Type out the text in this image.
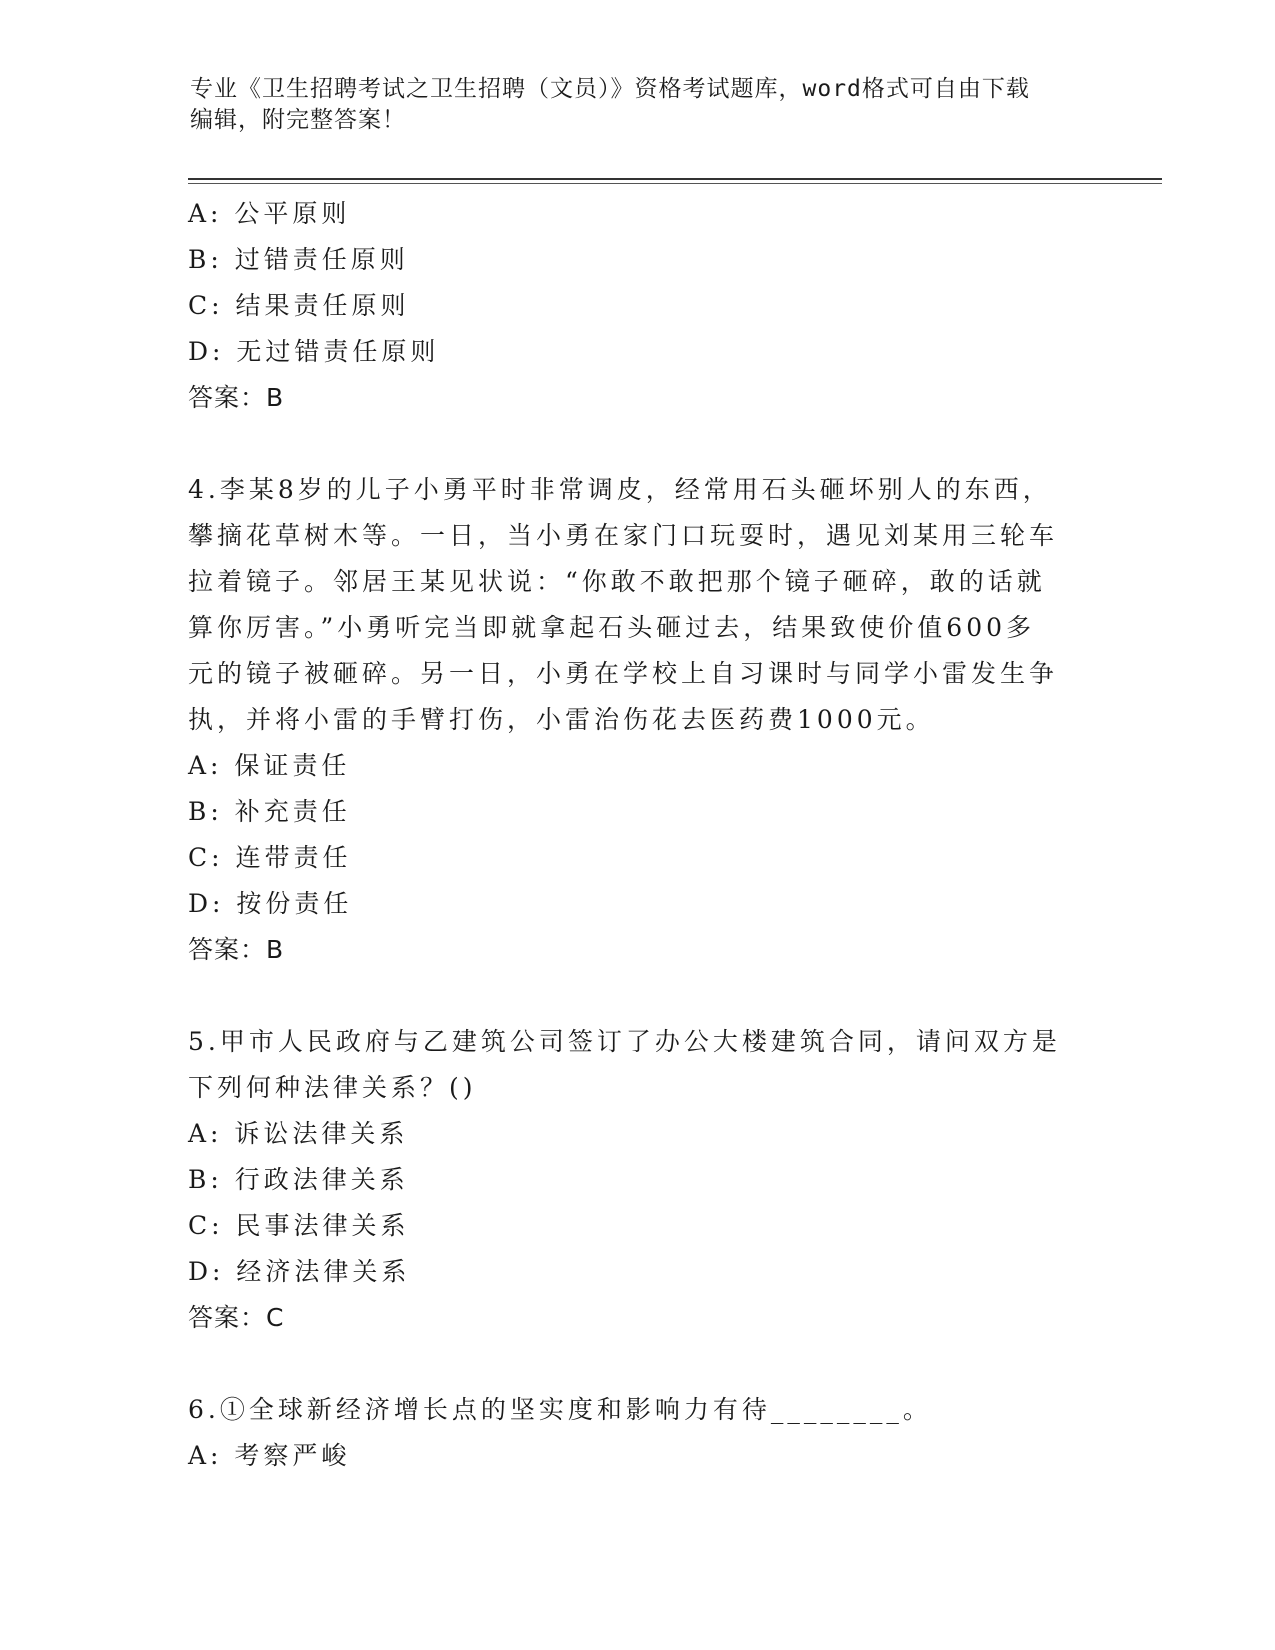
专业《卫生招聘考试之卫生招聘（文员）》资格考试题库，word格式可自由下载
编辑，附完整答案！
A: 公平原则
B: 过错责任原则
C: 结果责任原则
D: 无过错责任原则
答案：B
4.李某8岁的儿子小勇平时非常调皮，经常用石头砸坏别人的东西，
攀摘花草树木等。一日，当小勇在家门口玩耍时，遇见刘某用三轮车
拉着镜子。邻居王某见状说：“你敢不敢把那个镜子砸碎，敢的话就
算你厉害。”小勇听完当即就拿起石头砸过去，结果致使价值600多
元的镜子被砸碎。另一日，小勇在学校上自习课时与同学小雷发生争
执，并将小雷的手臂打伤，小雷治伤花去医药费1000元。
A: 保证责任
B: 补充责任
C: 连带责任
D: 按份责任
答案：B
5.甲市人民政府与乙建筑公司签订了办公大楼建筑合同，请问双方是
下列何种法律关系？()
A: 诉讼法律关系
B: 行政法律关系
C: 民事法律关系
D: 经济法律关系
答案：C
6.①全球新经济增长点的坚实度和影响力有待________。
A: 考察严峻
